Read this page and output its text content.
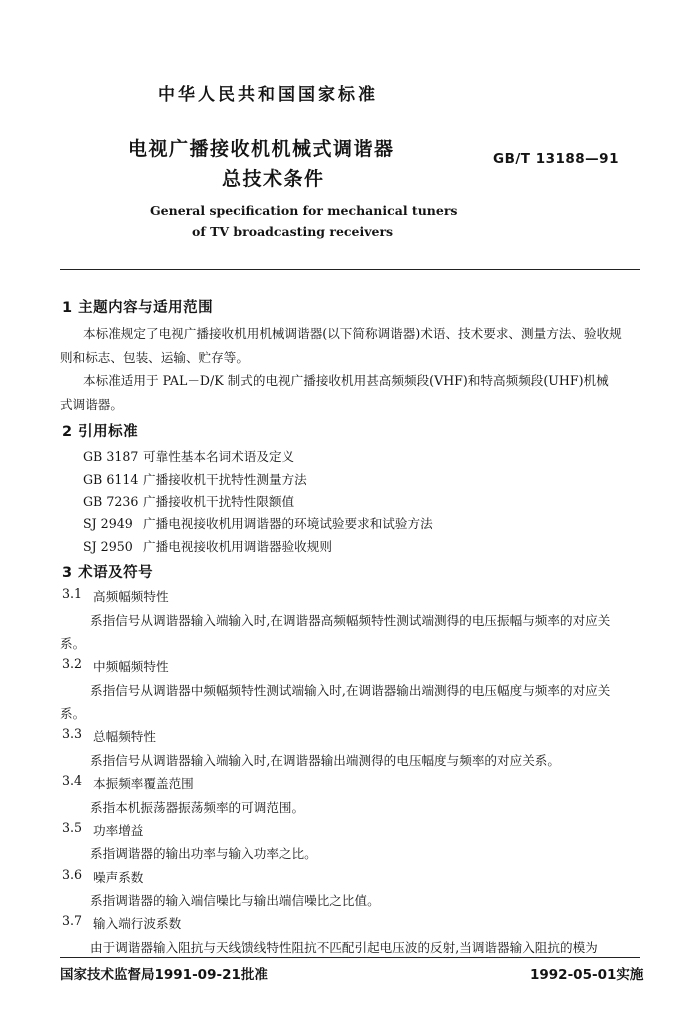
中华人民共和国国家标准
电视广播接收机机械式调谐器
总技术条件
GB/T 13188—91
General specification for mechanical tuners
of TV broadcasting receivers
1 主题内容与适用范围
本标准规定了电视广播接收机用机械调谐器(以下简称调谐器)术语、技术要求、测量方法、验收规
则和标志、包装、运输、贮存等。
本标准适用于 PAL－D/K 制式的电视广播接收机用甚高频频段(VHF)和特高频频段(UHF)机械
式调谐器。
2 引用标准
GB 3187 可靠性基本名词术语及定义
GB 6114 广播接收机干扰特性测量方法
GB 7236 广播接收机干扰特性限额值
SJ 2949 广播电视接收机用调谐器的环境试验要求和试验方法
SJ 2950 广播电视接收机用调谐器验收规则
3 术语及符号
3.1 高频幅频特性
系指信号从调谐器输入端输入时,在调谐器高频幅频特性测试端测得的电压振幅与频率的对应关
系。
3.2 中频幅频特性
系指信号从调谐器中频幅频特性测试端输入时,在调谐器输出端测得的电压幅度与频率的对应关
系。
3.3 总幅频特性
系指信号从调谐器输入端输入时,在调谐器输出端测得的电压幅度与频率的对应关系。
3.4 本振频率覆盖范围
系指本机振荡器振荡频率的可调范围。
3.5 功率增益
系指调谐器的输出功率与输入功率之比。
3.6 噪声系数
系指调谐器的输入端信噪比与输出端信噪比之比值。
3.7 输入端行波系数
由于调谐器输入阻抗与天线馈线特性阻抗不匹配引起电压波的反射,当调谐器输入阻抗的模为
国家技术监督局1991-09-21批准	1992-05-01实施
